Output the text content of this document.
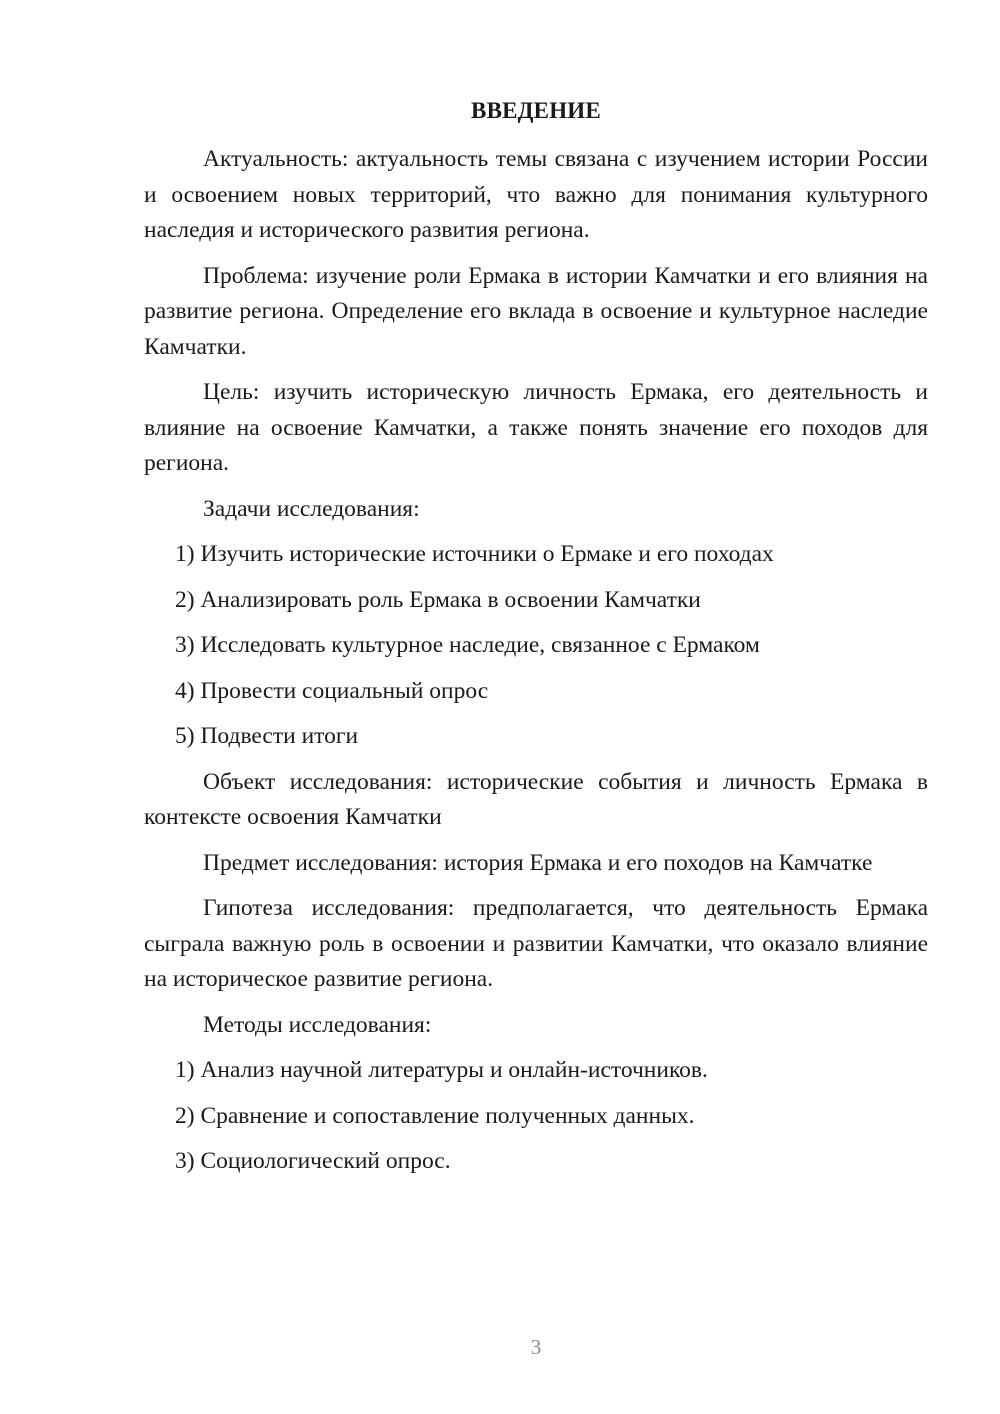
ВВЕДЕНИЕ

Актуальность: актуальность темы связана с изучением истории России и освоением новых территорий, что важно для понимания культурного наследия и исторического развития региона.

Проблема: изучение роли Ермака в истории Камчатки и его влияния на развитие региона. Определение его вклада в освоение и культурное наследие Камчатки.

Цель: изучить историческую личность Ермака, его деятельность и влияние на освоение Камчатки, а также понять значение его походов для региона.

Задачи исследования:

1) Изучить исторические источники о Ермаке и его походах

2) Анализировать роль Ермака в освоении Камчатки

3) Исследовать культурное наследие, связанное с Ермаком

4) Провести социальный опрос

5) Подвести итоги

Объект исследования: исторические события и личность Ермака в контексте освоения Камчатки

Предмет исследования: история Ермака и его походов на Камчатке

Гипотеза исследования: предполагается, что деятельность Ермака сыграла важную роль в освоении и развитии Камчатки, что оказало влияние на историческое развитие региона.

Методы исследования:

1) Анализ научной литературы и онлайн-источников.

2) Сравнение и сопоставление полученных данных.

3) Социологический опрос.

3
